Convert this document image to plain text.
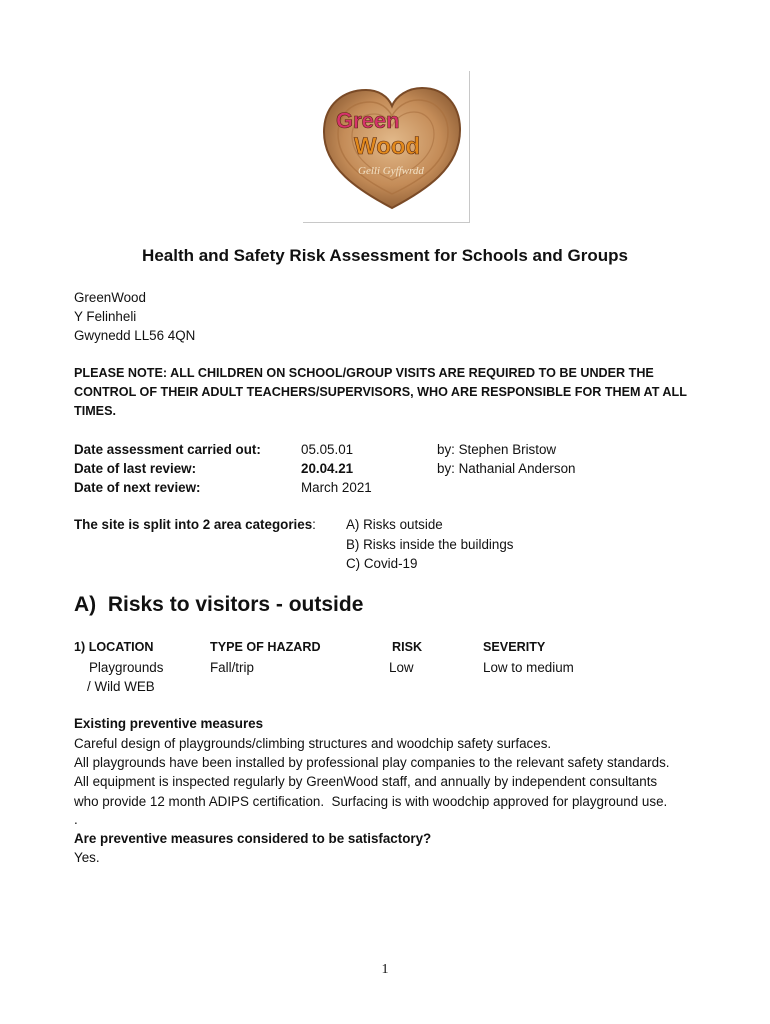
Green
Wood
Gelli Gyffwrdd
Health and Safety Risk Assessment for Schools and Groups
GreenWood
Y Felinheli
Gwynedd LL56 4QN
PLEASE NOTE: ALL CHILDREN ON SCHOOL/GROUP VISITS ARE REQUIRED TO BE UNDER THE
CONTROL OF THEIR ADULT TEACHERS/SUPERVISORS, WHO ARE RESPONSIBLE FOR THEM AT ALL
TIMES.
Date assessment carried out:	05.05.01	by: Stephen Bristow
Date of last review:	20.04.21	by: Nathanial Anderson
Date of next review:	March 2021
The site is split into 2 area categories: A) Risks outside
B) Risks inside the buildings
C) Covid-19
A)  Risks to visitors - outside
1) LOCATION	TYPE OF HAZARD	RISK	SEVERITY
Playgrounds
/ Wild WEB
Fall/trip	Low	Low to medium
Existing preventive measures
Careful design of playgrounds/climbing structures and woodchip safety surfaces.
All playgrounds have been installed by professional play companies to the relevant safety standards.
All equipment is inspected regularly by GreenWood staff, and annually by independent consultants
who provide 12 month ADIPS certification.  Surfacing is with woodchip approved for playground use.
.
Are preventive measures considered to be satisfactory?
Yes.
1
